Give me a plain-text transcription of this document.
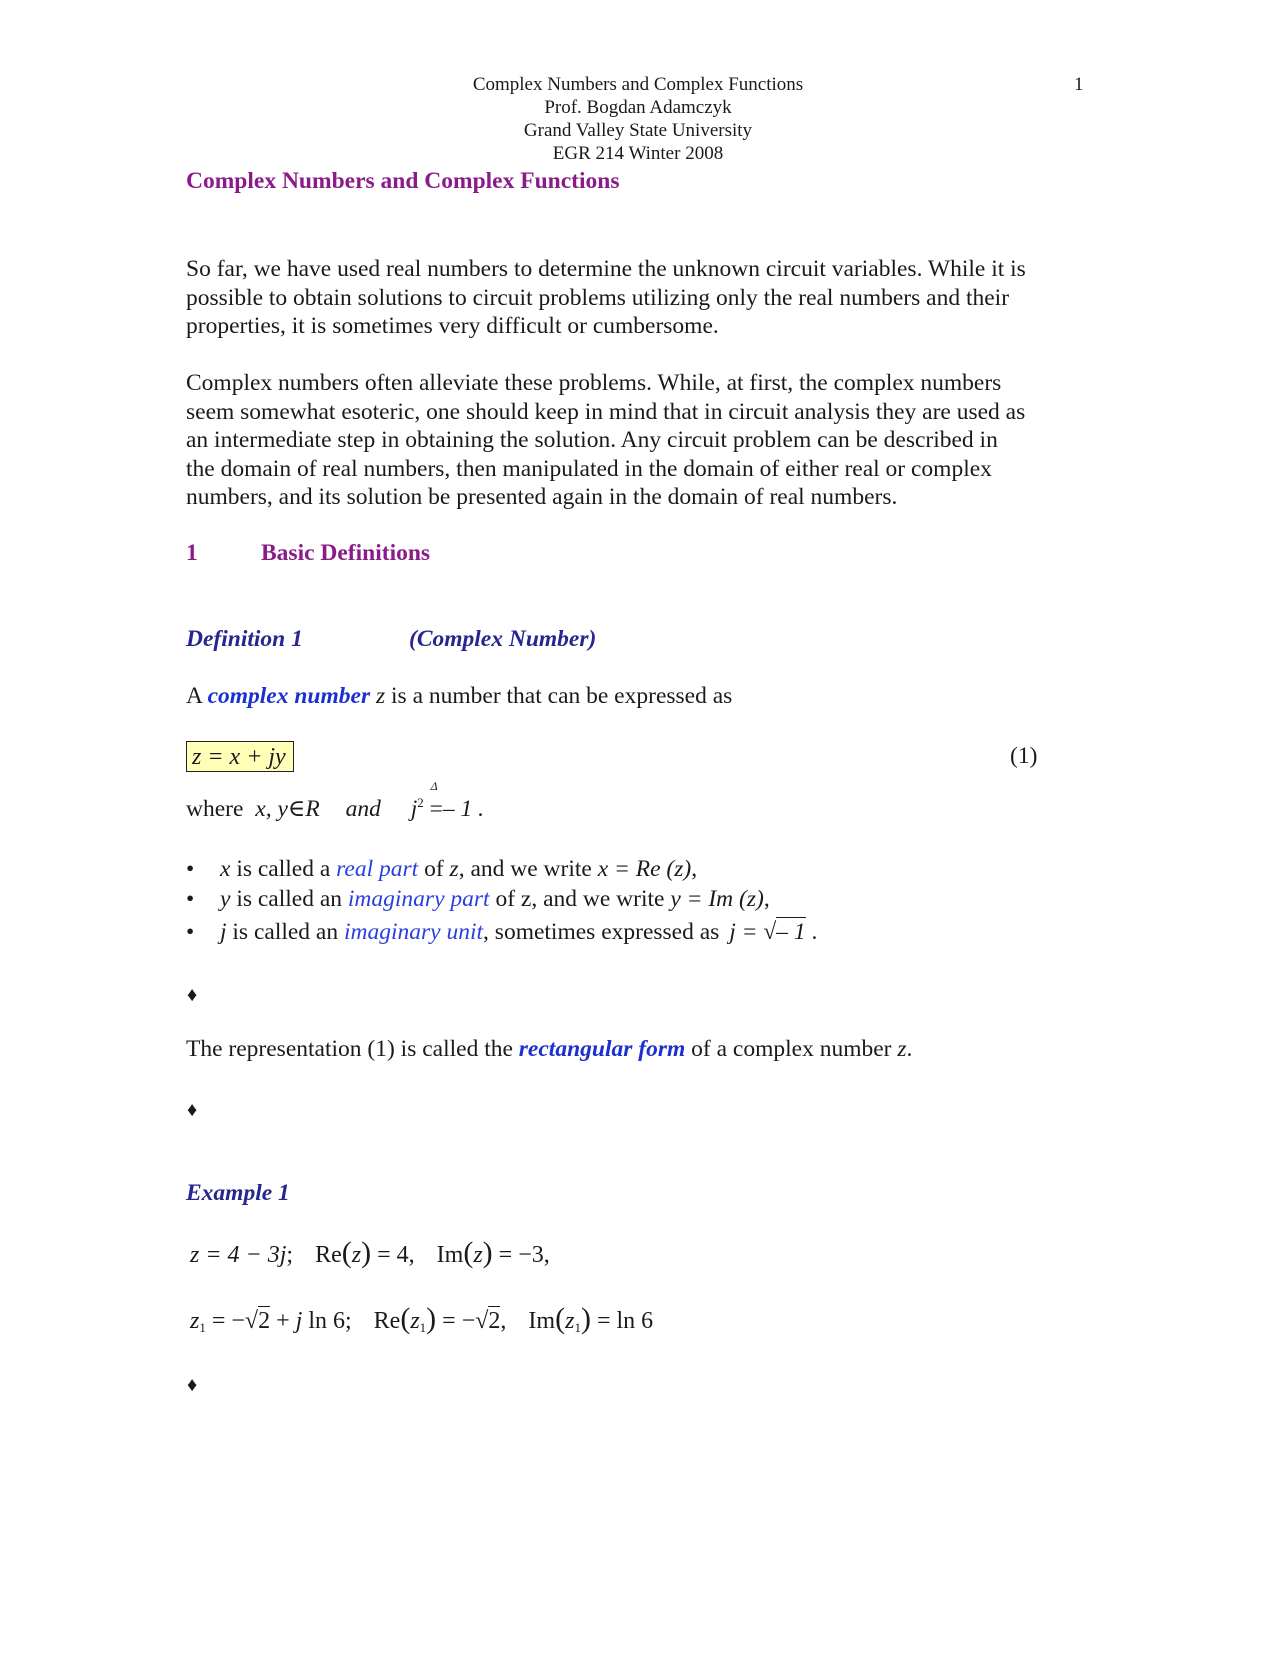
Complex Numbers and Complex Functions
Prof. Bogdan Adamczyk
Grand Valley State University
EGR 214 Winter 2008
1
Complex Numbers and Complex Functions
So far, we have used real numbers to determine the unknown circuit variables. While it is
possible to obtain solutions to circuit problems utilizing only the real numbers and their
properties, it is sometimes very difficult or cumbersome.
Complex numbers often alleviate these problems. While, at first, the complex numbers
seem somewhat esoteric, one should keep in mind that in circuit analysis they are used as
an intermediate step in obtaining the solution. Any circuit problem can be described in
the domain of real numbers, then manipulated in the domain of either real or complex
numbers, and its solution be presented again in the domain of real numbers.
1	Basic Definitions
Definition 1	(Complex Number)
A complex number z is a number that can be expressed as
z = x + jy	(1)
where x, y∈R and $j^2$
Δ
=– 1 .
• x is called a real part of z, and we write x = Re (z),
• y is called an imaginary part of z, and we write y = Im (z),
• j is called an imaginary unit, sometimes expressed as j = √– 1 .
♦
The representation (1) is called the rectangular form of a complex number z.
♦
Example 1
z = 4 − 3j; Re(z) = 4, Im(z) = −3,
$z_1 = -√2 + j$ ln 6; $Re(z_1) = -√2$, $Im(z_1) = \ln 6$
♦
